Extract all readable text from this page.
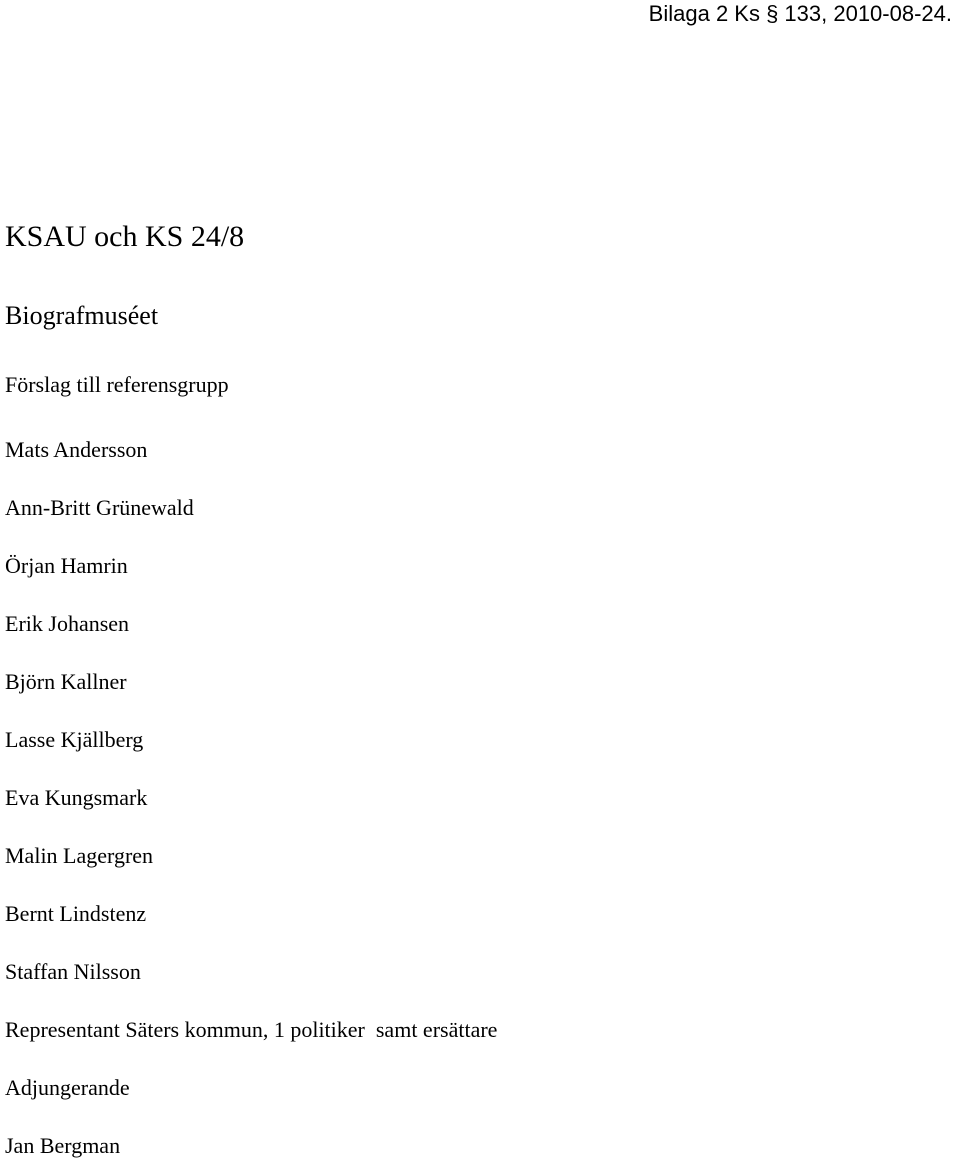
Bilaga 2 Ks § 133, 2010-08-24.
KSAU och KS 24/8
Biografmuséet
Förslag till referensgrupp
Mats Andersson
Ann-Britt Grünewald
Örjan Hamrin
Erik Johansen
Björn Kallner
Lasse Kjällberg
Eva Kungsmark
Malin Lagergren
Bernt Lindstenz
Staffan Nilsson
Representant Säters kommun, 1 politiker  samt ersättare
Adjungerande
Jan Bergman
